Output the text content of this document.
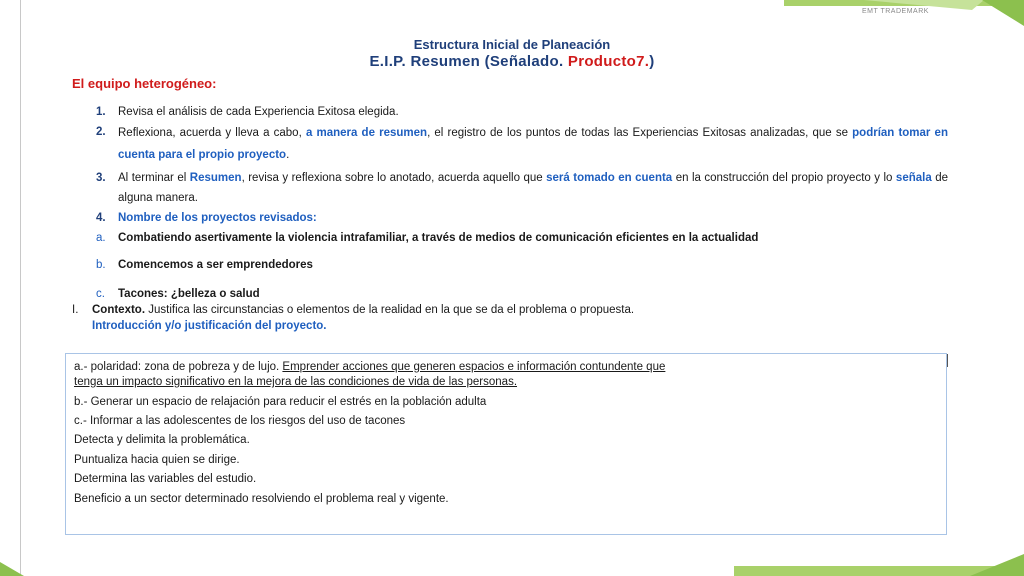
EMT TRADEMARK
Estructura Inicial de Planeación
E.I.P. Resumen (Señalado. Producto7.)
El equipo heterogéneo:
1. Revisa el análisis de cada Experiencia Exitosa elegida.
2. Reflexiona, acuerda y lleva a cabo, a manera de resumen, el registro de los puntos de todas las Experiencias Exitosas analizadas, que se podrían tomar en cuenta para el propio proyecto.
3. Al terminar el Resumen, revisa y reflexiona sobre lo anotado, acuerda aquello que será tomado en cuenta en la construcción del propio proyecto y lo señala de alguna manera.
4. Nombre de los proyectos revisados:
a. Combatiendo asertivamente la violencia intrafamiliar, a través de medios de comunicación eficientes en la actualidad
b. Comencemos a ser emprendedores
c. Tacones: ¿belleza o salud
I. Contexto. Justifica las circunstancias o elementos de la realidad en la que se da el problema o propuesta.
Introducción y/o justificación del proyecto.
a.- polaridad: zona de pobreza y de lujo. Emprender acciones que generen espacios e información contundente que
tenga un impacto significativo en la mejora de las condiciones de vida de las personas.
b.- Generar un espacio de relajación para reducir el estrés en la población adulta
c.- Informar a las adolescentes de los riesgos del uso de tacones
Detecta y delimita la problemática.
Puntualiza hacia quien se dirige.
Determina las variables del estudio.
Beneficio a un sector determinado resolviendo el problema real y vigente.
